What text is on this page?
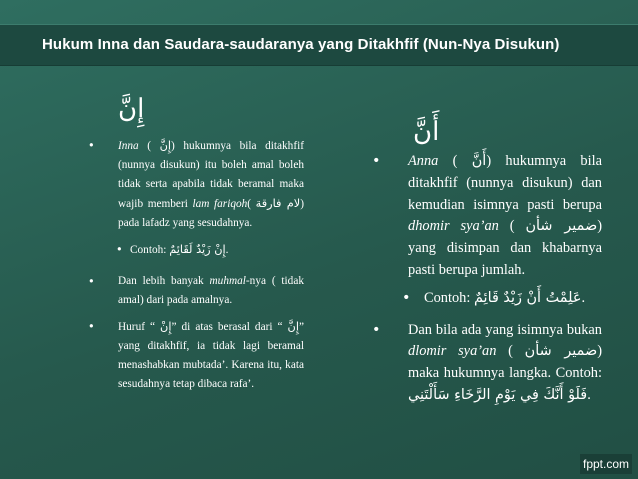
Hukum Inna dan Saudara-saudaranya yang Ditakhfif (Nun-Nya Disukun)
إِنَّ
• Inna ( إِنَّ) hukumnya bila ditakhfif (nunnya disukun) itu boleh amal boleh tidak serta apabila tidak beramal maka wajib memberi lam fariqoh( لام فارقة) pada lafadz yang sesudahnya.
• Contoh: إِنْ زَيْدٌ لَقَائِمٌ.
• Dan lebih banyak muhmal-nya ( tidak amal) dari pada amalnya.
• Huruf “ إِنْ” di atas berasal dari “ إِنَّ” yang ditakhfif, ia tidak lagi beramal menashabkan mubtada’. Karena itu, kata sesudahnya tetap dibaca rafa’.
أَنَّ
• Anna ( أَنَّ) hukumnya bila ditakhfif (nunnya disukun) dan kemudian isimnya pasti berupa dhomir sya’an ( ضمير شأن) yang disimpan dan khabarnya pasti berupa jumlah.
• Contoh: عَلِمْتُ أَنْ زَيْدٌ قَائِمٌ.
• Dan bila ada yang isimnya bukan dlomir sya’an ( ضمير شأن) maka hukumnya langka. Contoh: فَلَوْ أَنَّكَ فِي يَوْمِ الرَّخَاءِ سَأَلْتَنِي.
fppt.com
